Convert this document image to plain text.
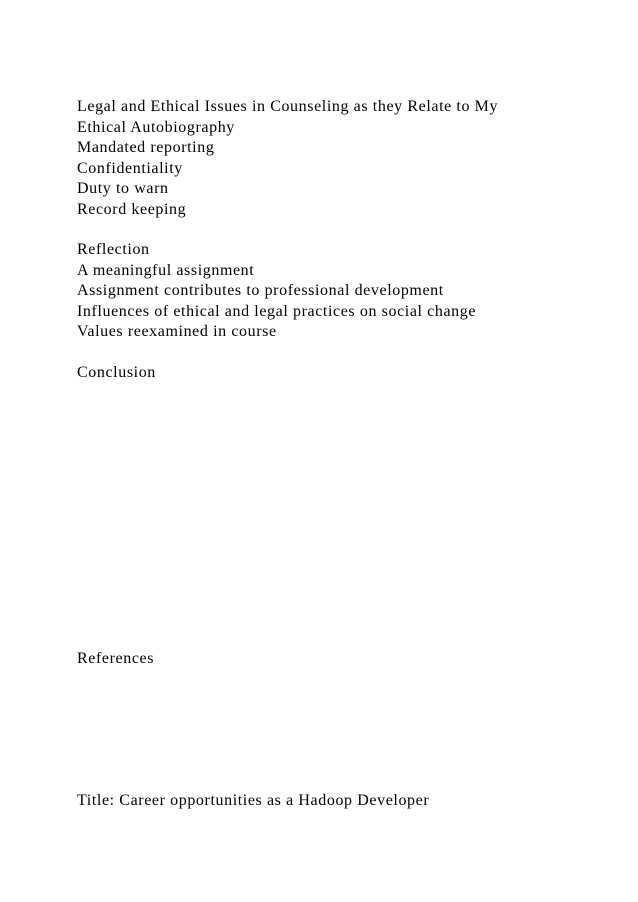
Legal and Ethical Issues in Counseling as they Relate to My

Ethical Autobiography

Mandated reporting

Confidentiality

Duty to warn

Record keeping

Reflection

A meaningful assignment

Assignment contributes to professional development

Influences of ethical and legal practices on social change

Values reexamined in course

Conclusion

References

Title: Career opportunities as a Hadoop Developer
